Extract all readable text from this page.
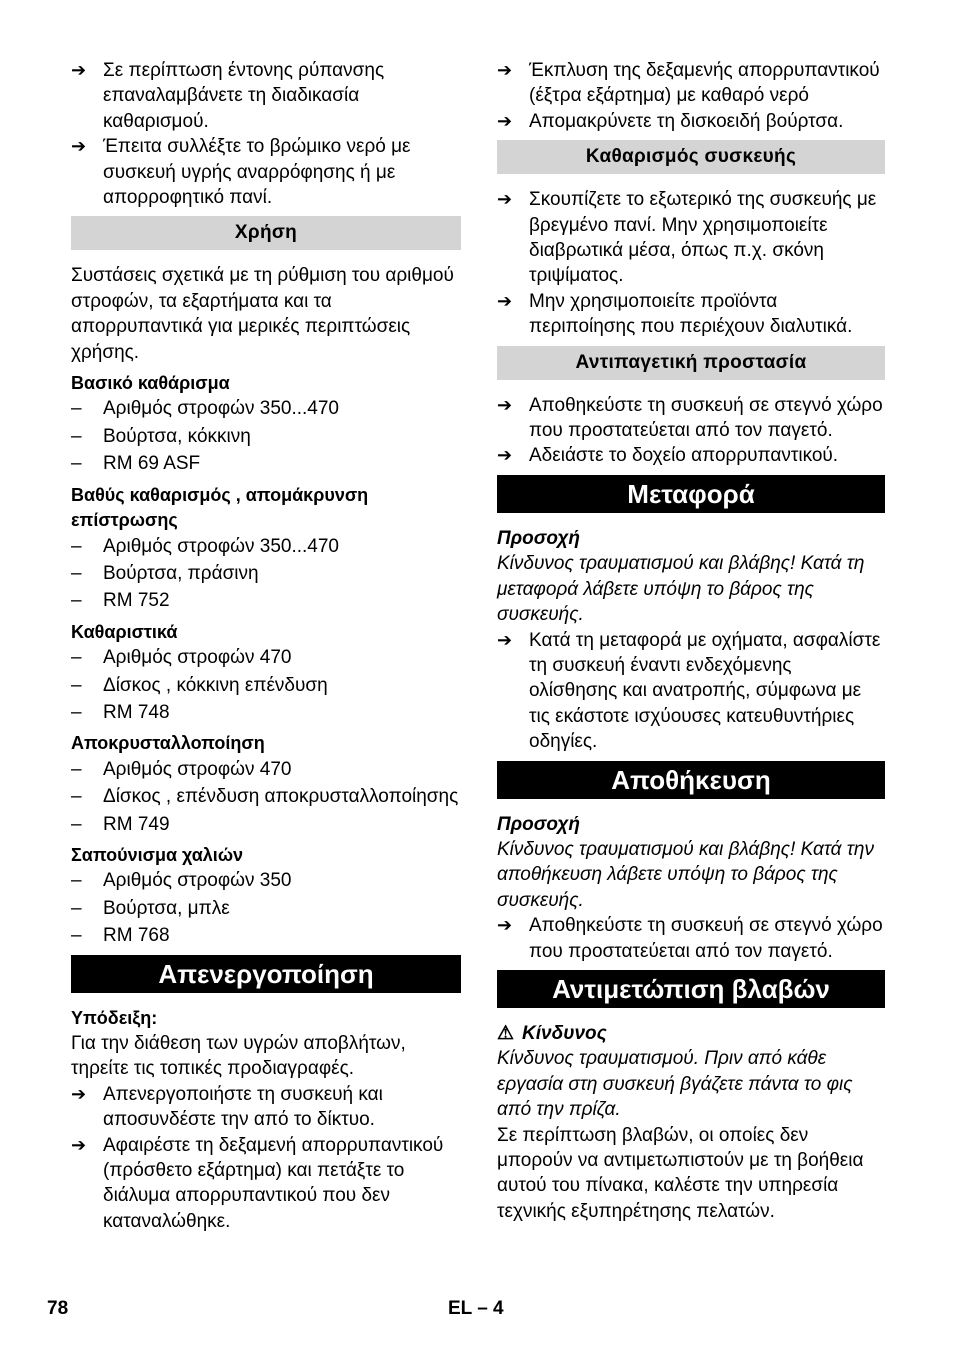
➔ Σε περίπτωση έντονης ρύπανσης επαναλαμβάνετε τη διαδικασία καθαρισμού.
➔ Έπειτα συλλέξτε το βρώμικο νερό με συσκευή υγρής αναρρόφησης ή με απορροφητικό πανί.
Χρήση

Συστάσεις σχετικά με τη ρύθμιση του αριθμού στροφών, τα εξαρτήματα και τα απορρυπαντικά για μερικές περιπτώσεις χρήσης.

Βασικό καθάρισμα
–	Αριθμός στροφών 350...470
–	Βούρτσα, κόκκινη
–	RM 69 ASF
Βαθύς καθαρισμός , απομάκρυνση επίστρωσης
–	Αριθμός στροφών 350...470
–	Βούρτσα, πράσινη
–	RM 752
Καθαριστικά
–	Αριθμός στροφών 470
–	Δίσκος , κόκκινη επένδυση
–	RM 748
Αποκρυσταλλοποίηση
–	Αριθμός στροφών 470
–	Δίσκος , επένδυση αποκρυσταλλοποίησης
–	RM 749
Σαπούνισμα χαλιών
–	Αριθμός στροφών 350
–	Βούρτσα, μπλε
–	RM 768
Απενεργοποίηση
Υπόδειξη:

Για την διάθεση των υγρών αποβλήτων, τηρείτε τις τοπικές προδιαγραφές.

➔ Απενεργοποιήστε τη συσκευή και αποσυνδέστε την από το δίκτυο.
➔ Αφαιρέστε τη δεξαμενή απορρυπαντικού (πρόσθετο εξάρτημα) και πετάξτε το διάλυμα απορρυπαντικού που δεν καταναλώθηκε.
➔ Έκπλυση της δεξαμενής απορρυπαντικού (έξτρα εξάρτημα) με καθαρό νερό
➔ Απομακρύνετε τη δισκοειδή βούρτσα.
Καθαρισμός συσκευής
➔ Σκουπίζετε το εξωτερικό της συσκευής με βρεγμένο πανί. Μην χρησιμοποιείτε διαβρωτικά μέσα, όπως π.χ. σκόνη τριψίματος.
➔ Μην χρησιμοποιείτε προϊόντα περιποίησης που περιέχουν διαλυτικά.
Αντιπαγετική προστασία
➔ Αποθηκεύστε τη συσκευή σε στεγνό χώρο που προστατεύεται από τον παγετό.
➔ Αδειάστε το δοχείο απορρυπαντικού.
Μεταφορά
Προσοχή

Κίνδυνος τραυματισμού και βλάβης! Κατά τη μεταφορά λάβετε υπόψη το βάρος της συσκευής.

➔ Κατά τη μεταφορά με οχήματα, ασφαλίστε τη συσκευή έναντι ενδεχόμενης ολίσθησης και ανατροπής, σύμφωνα με τις εκάστοτε ισχύουσες κατευθυντήριες οδηγίες.
Αποθήκευση
Προσοχή

Κίνδυνος τραυματισμού και βλάβης! Κατά την αποθήκευση λάβετε υπόψη το βάρος της συσκευής.

➔ Αποθηκεύστε τη συσκευή σε στεγνό χώρο που προστατεύεται από τον παγετό.
Αντιμετώπιση βλαβών
⚠ Κίνδυνος

Κίνδυνος τραυματισμού. Πριν από κάθε εργασία στη συσκευή βγάζετε πάντα το φις από την πρίζα.

Σε περίπτωση βλαβών, οι οποίες δεν μπορούν να αντιμετωπιστούν με τη βοήθεια αυτού του πίνακα, καλέστε την υπηρεσία τεχνικής εξυπηρέτησης πελατών.

78	EL – 4
